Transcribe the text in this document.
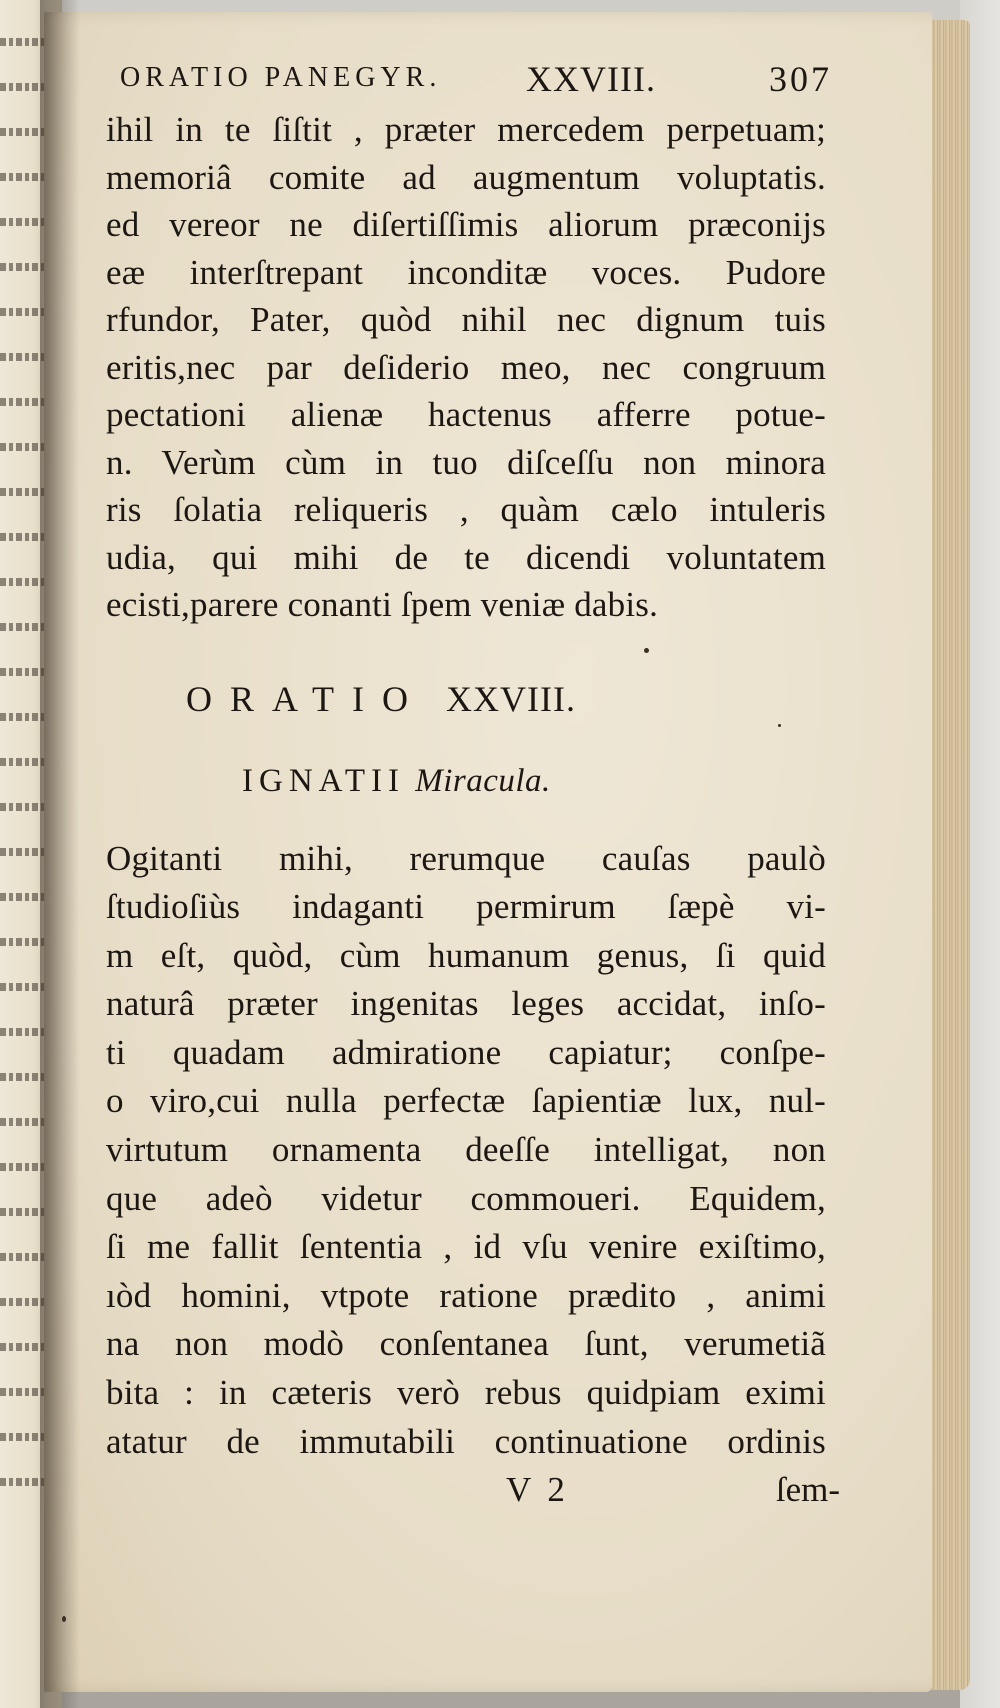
ORATIO PANEGYR. XXVIII.	307
ihil in te ſiſtit , præter mercedem perpetuam;
memoriâ comite ad augmentum voluptatis.
ed vereor ne diſertiſſimis aliorum præconijs
eæ interſtrepant inconditæ voces. Pudore
rfundor, Pater, quòd nihil nec dignum tuis
eritis,nec par deſiderio meo, nec congruum
pectationi alienæ hactenus afferre potue-
n. Verùm cùm in tuo diſceſſu non minora
ris ſolatia reliqueris , quàm cælo intuleris
udia, qui mihi de te dicendi voluntatem
ecisti,parere conanti ſpem veniæ dabis.
ORATIO XXVIII.
IGNATII Miracula.
Ogitanti mihi, rerumque cauſas paulò
ſtudioſiùs indaganti permirum ſæpè vi-
m eſt, quòd, cùm humanum genus, ſi quid
naturâ præter ingenitas leges accidat, inſo-
ti quadam admiratione capiatur; conſpe-
o viro,cui nulla perfectæ ſapientiæ lux, nul-
virtutum ornamenta deeſſe intelligat, non
que adeò videtur commoueri. Equidem,
ſi me fallit ſententia , id vſu venire exiſtimo,
ıòd homini, vtpote ratione prædito , animi
na non modò conſentanea ſunt, verumetiã
bita : in cæteris verò rebus quidpiam eximi
atatur de immutabili continuatione ordinis
V 2	ſem-
